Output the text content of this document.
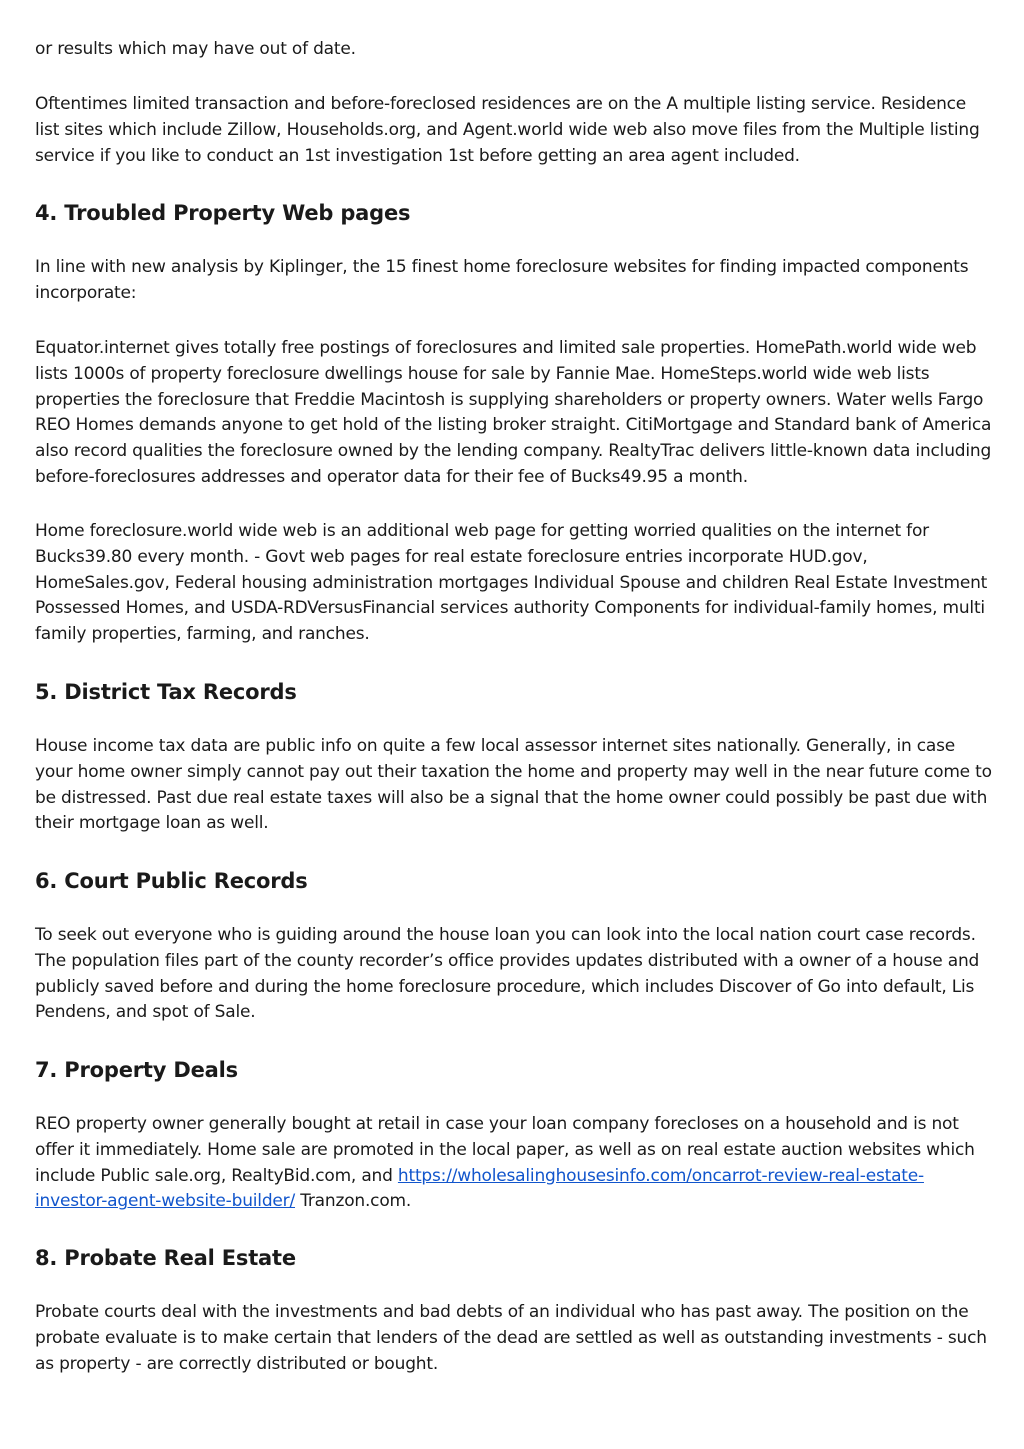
or results which may have out of date.

Oftentimes limited transaction and before-foreclosed residences are on the A multiple listing service. Residence list sites which include Zillow, Households.org, and Agent.world wide web also move files from the Multiple listing service if you like to conduct an 1st investigation 1st before getting an area agent included.

4. Troubled Property Web pages

In line with new analysis by Kiplinger, the 15 finest home foreclosure websites for finding impacted components incorporate:

Equator.internet gives totally free postings of foreclosures and limited sale properties. HomePath.world wide web lists 1000s of property foreclosure dwellings house for sale by Fannie Mae. HomeSteps.world wide web lists properties the foreclosure that Freddie Macintosh is supplying shareholders or property owners. Water wells Fargo REO Homes demands anyone to get hold of the listing broker straight. CitiMortgage and Standard bank of America also record qualities the foreclosure owned by the lending company. RealtyTrac delivers little-known data including before-foreclosures addresses and operator data for their fee of Bucks49.95 a month.

Home foreclosure.world wide web is an additional web page for getting worried qualities on the internet for Bucks39.80 every month. - Govt web pages for real estate foreclosure entries incorporate HUD.gov, HomeSales.gov, Federal housing administration mortgages Individual Spouse and children Real Estate Investment Possessed Homes, and USDA-RDVersusFinancial services authority Components for individual-family homes, multi family properties, farming, and ranches.

5. District Tax Records

House income tax data are public info on quite a few local assessor internet sites nationally. Generally, in case your home owner simply cannot pay out their taxation the home and property may well in the near future come to be distressed. Past due real estate taxes will also be a signal that the home owner could possibly be past due with their mortgage loan as well.

6. Court Public Records

To seek out everyone who is guiding around the house loan you can look into the local nation court case records. The population files part of the county recorder’s office provides updates distributed with a owner of a house and publicly saved before and during the home foreclosure procedure, which includes Discover of Go into default, Lis Pendens, and spot of Sale.

7. Property Deals

REO property owner generally bought at retail in case your loan company forecloses on a household and is not offer it immediately. Home sale are promoted in the local paper, as well as on real estate auction websites which include Public sale.org, RealtyBid.com, and https://wholesalinghousesinfo.com/oncarrot-review-real-estate-investor-agent-website-builder/ Tranzon.com.

8. Probate Real Estate

Probate courts deal with the investments and bad debts of an individual who has past away. The position on the probate evaluate is to make certain that lenders of the dead are settled as well as outstanding investments - such as property - are correctly distributed or bought.
